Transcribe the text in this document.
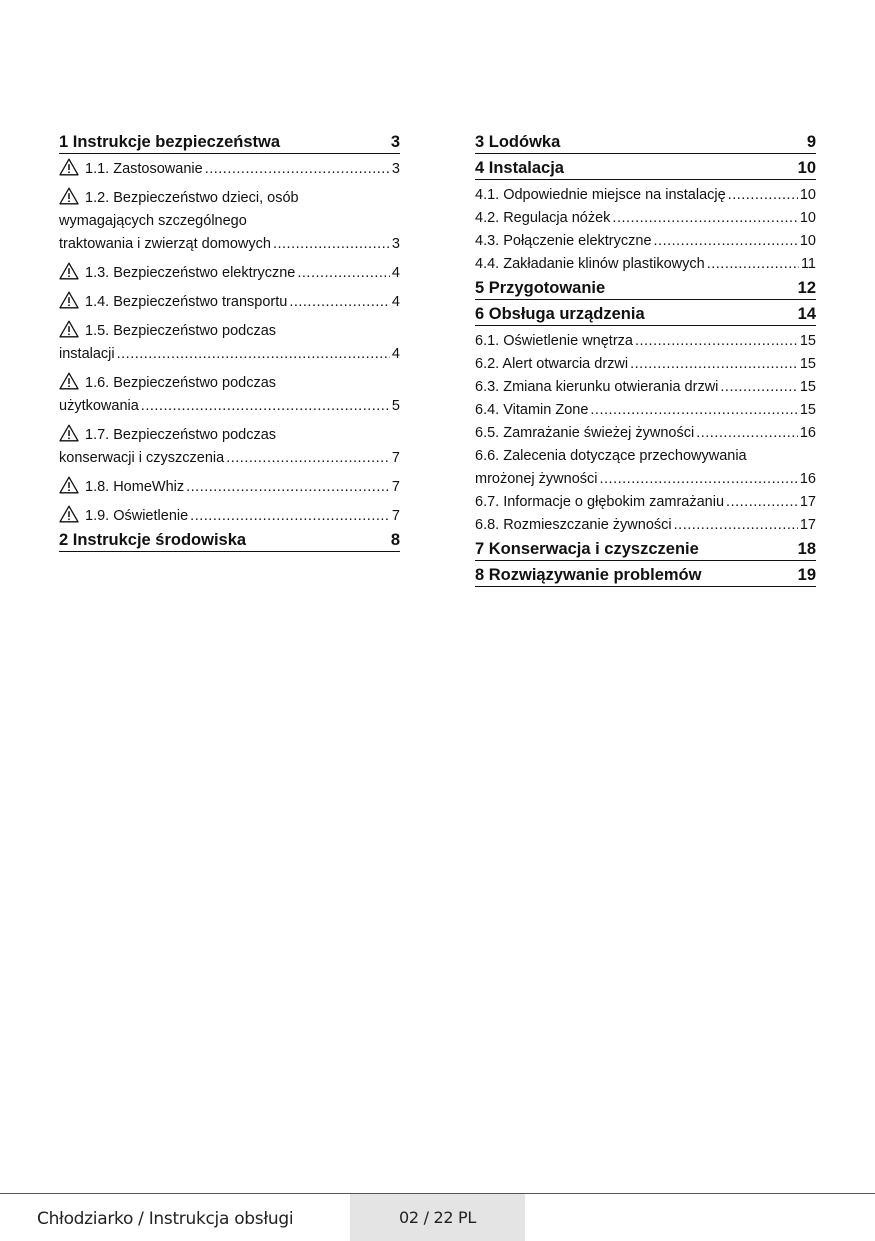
1 Instrukcje bezpieczeństwa	3
1.1. Zastosowanie .....	3
1.2. Bezpieczeństwo dzieci, osób
wymagających szczególnego
traktowania i zwierząt domowych .....	3
1.3. Bezpieczeństwo elektryczne .....	4
1.4. Bezpieczeństwo transportu .....	4
1.5. Bezpieczeństwo podczas
instalacji .....	4
1.6. Bezpieczeństwo podczas
użytkowania .....	5
1.7. Bezpieczeństwo podczas
konserwacji i czyszczenia .....	7
1.8. HomeWhiz .....	7
1.9. Oświetlenie .....	7
2 Instrukcje środowiska	8
3 Lodówka	9
4 Instalacja	10
4.1. Odpowiednie miejsce na instalację .....	10
4.2. Regulacja nóżek .....	10
4.3. Połączenie elektryczne .....	10
4.4. Zakładanie klinów plastikowych .....	11
5 Przygotowanie	12
6 Obsługa urządzenia	14
6.1. Oświetlenie wnętrza .....	15
6.2. Alert otwarcia drzwi .....	15
6.3. Zmiana kierunku otwierania drzwi .....	15
6.4. Vitamin Zone .....	15
6.5. Zamrażanie świeżej żywności .....	16
6.6. Zalecenia dotyczące przechowywania
mrożonej żywności .....	16
6.7. Informacje o głębokim zamrażaniu .....	17
6.8. Rozmieszczanie żywności .....	17
7 Konserwacja i czyszczenie	18
8 Rozwiązywanie problemów	19
Chłodziarko / Instrukcja obsługi	02 / 22 PL
